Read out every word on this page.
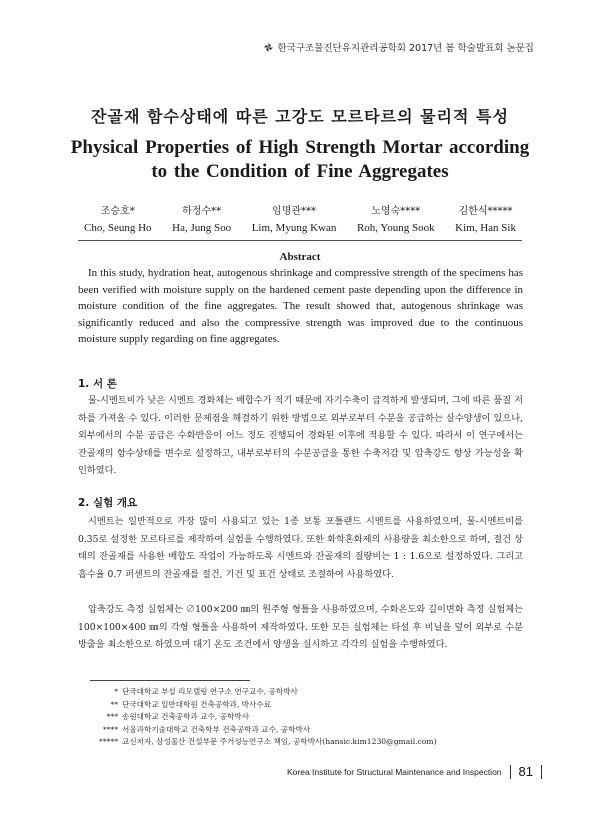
한국구조물진단유지관리공학회 2017년 봄 학술발표회 논문집
잔골재 함수상태에 따른 고강도 모르타르의 물리적 특성
Physical Properties of High Strength Mortar according to the Condition of Fine Aggregates
조승호*
Cho, Seung Ho
하정수**
Ha, Jung Soo
임명관***
Lim, Myung Kwan
노영숙****
Roh, Young Sook
김한식*****
Kim, Han Sik
Abstract

In this study, hydration heat, autogenous shrinkage and compressive strength of the specimens has been verified with moisture supply on the hardened cement paste depending upon the difference in moisture condition of the fine aggregates. The result showed that, autogenous shrinkage was significantly reduced and also the compressive strength was improved due to the continuous moisture supply regarding on fine aggregates.

1. 서 론

물-시멘트비가 낮은 시멘트 경화체는 배합수가 적기 때문에 자기수축이 급격하게 발생되며, 그에 따른 품질 저하를 가져올 수 있다. 이러한 문제점을 해결하기 위한 방법으로 외부로부터 수분을 공급하는 살수양생이 있으나, 외부에서의 수분 공급은 수화반응이 어느 정도 진행되어 경화된 이후에 적용할 수 있다. 따라서 이 연구에서는 잔골재의 함수상태를 변수로 설정하고, 내부로부터의 수분공급을 통한 수축저감 및 압축강도 향상 가능성을 확인하였다.

2. 실험 개요

시멘트는 일반적으로 가장 많이 사용되고 있는 1종 보통 포틀랜드 시멘트를 사용하였으며, 물-시멘트비를 0.35로 설정한 모르타르를 제작하여 실험을 수행하였다. 또한 화학혼화제의 사용량을 최소한으로 하며, 절건 상태의 잔골재를 사용한 배합도 작업이 가능하도록 시멘트와 잔골재의 질량비는 1 : 1.6으로 설정하였다. 그리고 흡수율 0.7 퍼센트의 잔골재를 절건, 기건 및 표건 상태로 조절하여 사용하였다.

압축강도 측정 실험체는 ∅100×200 ㎜의 원주형 형틀을 사용하였으며, 수화온도와 길이변화 측정 실험체는 100×100×400 ㎜의 각형 형틀을 사용하여 제작하였다. 또한 모든 실험체는 타설 후 비닐을 덮어 외부로 수분방출을 최소한으로 하였으며 대기 온도 조건에서 양생을 실시하고 각각의 실험을 수행하였다.

* 단국대학교 부설 리모델링 연구소 연구교수, 공학박사
** 단국대학교 일반대학원 건축공학과, 박사수료
*** 송원대학교 건축공학과 교수, 공학박사
**** 서울과학기술대학교 건축학부 건축공학과 교수, 공학박사
***** 교신저자, 삼성물산 건설부문 주거성능연구소 책임, 공학박사(hansic.kim1230@gmail.com)
Korea Institute for Structural Maintenance and Inspection 81
